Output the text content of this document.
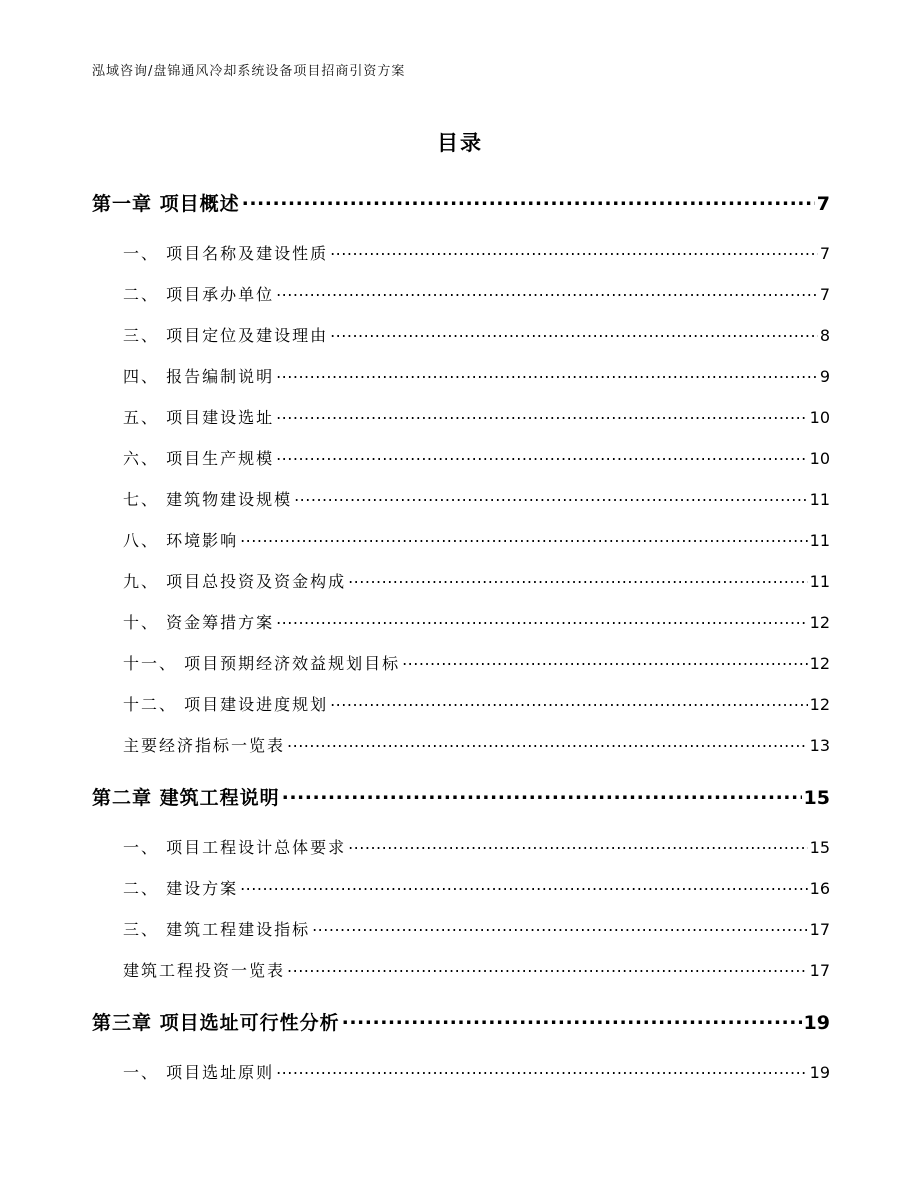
泓域咨询/盘锦通风冷却系统设备项目招商引资方案
目录
第一章 项目概述 .....	7
一、 项目名称及建设性质 .....	7
二、 项目承办单位 .....	7
三、 项目定位及建设理由 .....	8
四、 报告编制说明 .....	9
五、 项目建设选址 .....	10
六、 项目生产规模 .....	10
七、 建筑物建设规模 .....	11
八、 环境影响 .....	11
九、 项目总投资及资金构成 .....	11
十、 资金筹措方案 .....	12
十一、 项目预期经济效益规划目标 .....	12
十二、 项目建设进度规划 .....	12
主要经济指标一览表 .....	13
第二章 建筑工程说明 .....	15
一、 项目工程设计总体要求 .....	15
二、 建设方案 .....	16
三、 建筑工程建设指标 .....	17
建筑工程投资一览表 .....	17
第三章 项目选址可行性分析 .....	19
一、 项目选址原则 .....	19
